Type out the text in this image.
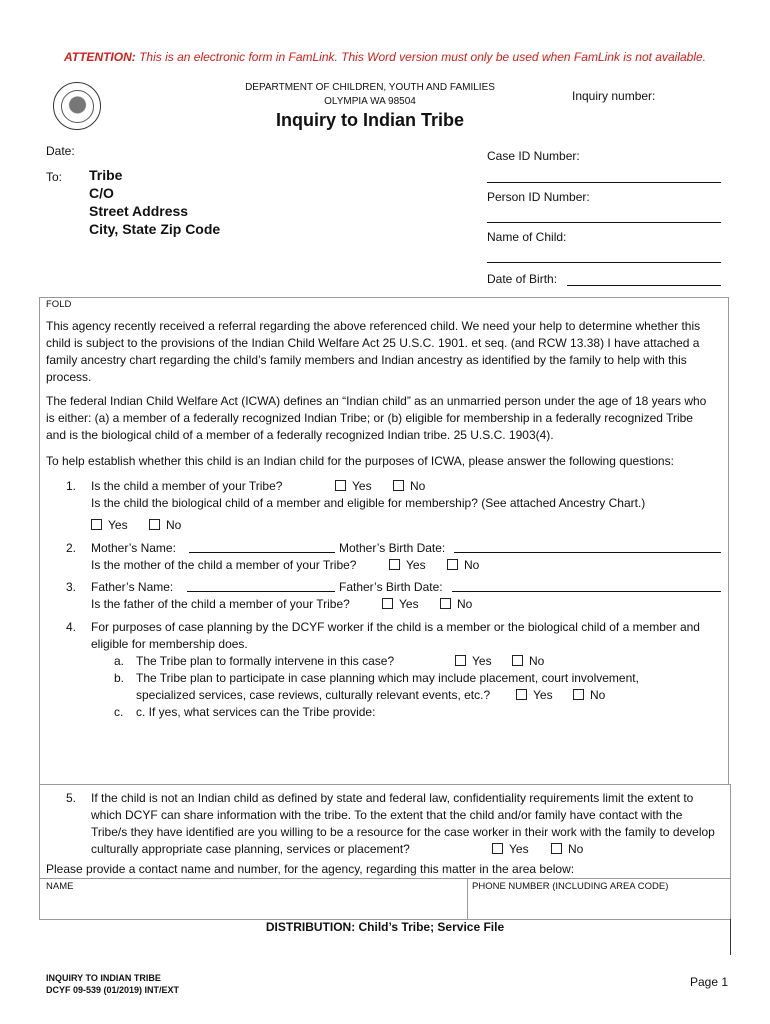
ATTENTION: This is an electronic form in FamLink. This Word version must only be used when FamLink is not available.
DEPARTMENT OF CHILDREN, YOUTH AND FAMILIES
OLYMPIA WA 98504	Inquiry number:
Inquiry to Indian Tribe
Date:
To: Tribe
C/O
Street Address
City, State Zip Code
Case ID Number:
Person ID Number:
Name of Child:
Date of Birth:
FOLD
This agency recently received a referral regarding the above referenced child. We need your help to determine whether this child is subject to the provisions of the Indian Child Welfare Act 25 U.S.C. 1901. et seq. (and RCW 13.38) I have attached a family ancestry chart regarding the child’s family members and Indian ancestry as identified by the family to help with this process.
The federal Indian Child Welfare Act (ICWA) defines an “Indian child” as an unmarried person under the age of 18 years who is either: (a) a member of a federally recognized Indian Tribe; or (b) eligible for membership in a federally recognized Tribe and is the biological child of a member of a federally recognized Indian tribe. 25 U.S.C. 1903(4).
To help establish whether this child is an Indian child for the purposes of ICWA, please answer the following questions:
1. Is the child a member of your Tribe?	Yes	No
Is the child the biological child of a member and eligible for membership? (See attached Ancestry Chart.)
Yes	No
2. Mother’s Name:	Mother’s Birth Date:
Is the mother of the child a member of your Tribe?	Yes	No
3. Father’s Name:	Father’s Birth Date:
Is the father of the child a member of your Tribe?	Yes	No
4. For purposes of case planning by the DCYF worker if the child is a member or the biological child of a member and eligible for membership does.
a. The Tribe plan to formally intervene in this case?	Yes	No
b. The Tribe plan to participate in case planning which may include placement, court involvement,
specialized services, case reviews, culturally relevant events, etc.?	Yes	No
c. c. If yes, what services can the Tribe provide:
5. If the child is not an Indian child as defined by state and federal law, confidentiality requirements limit the extent to which DCYF can share information with the tribe. To the extent that the child and/or family have contact with the Tribe/s they have identified are you willing to be a resource for the case worker in their work with the family to develop culturally appropriate case planning, services or placement?	Yes	No
Please provide a contact name and number, for the agency, regarding this matter in the area below:
NAME	PHONE NUMBER (INCLUDING AREA CODE)
DISTRIBUTION: Child’s Tribe; Service File
INQUIRY TO INDIAN TRIBE
DCYF 09-539 (01/2019) INT/EXT
Page 1
